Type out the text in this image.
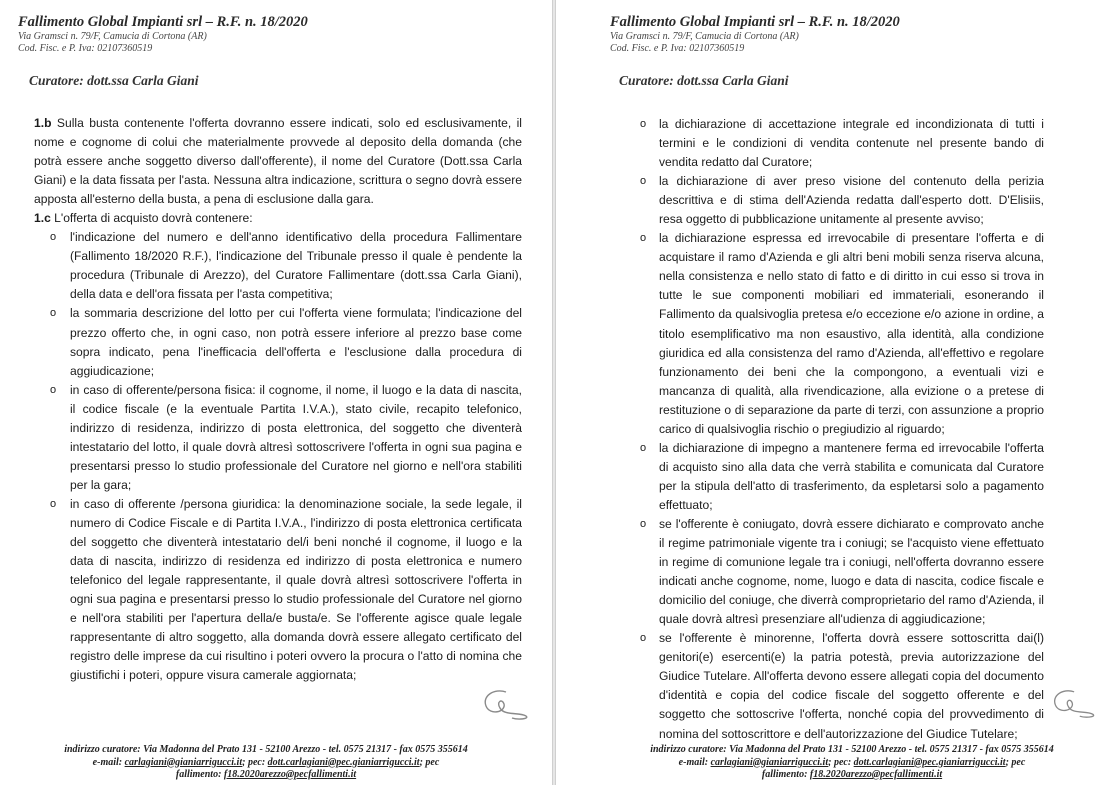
Fallimento Global Impianti srl – R.F. n. 18/2020
Via Gramsci n. 79/F, Camucia di Cortona (AR)
Cod. Fisc. e P. Iva: 02107360519
Curatore: dott.ssa Carla Giani

1.b Sulla busta contenente l'offerta dovranno essere indicati, solo ed esclusivamente, il nome e cognome di colui che materialmente provvede al deposito della domanda (che potrà essere anche soggetto diverso dall'offerente), il nome del Curatore (Dott.ssa Carla Giani) e la data fissata per l'asta. Nessuna altra indicazione, scrittura o segno dovrà essere apposta all'esterno della busta, a pena di esclusione dalla gara.

1.c L'offerta di acquisto dovrà contenere:

o l'indicazione del numero e dell'anno identificativo della procedura Fallimentare (Fallimento 18/2020 R.F.), l'indicazione del Tribunale presso il quale è pendente la procedura (Tribunale di Arezzo), del Curatore Fallimentare (dott.ssa Carla Giani), della data e dell'ora fissata per l'asta competitiva;
o la sommaria descrizione del lotto per cui l'offerta viene formulata; l'indicazione del prezzo offerto che, in ogni caso, non potrà essere inferiore al prezzo base come sopra indicato, pena l'inefficacia dell'offerta e l'esclusione dalla procedura di aggiudicazione;
o in caso di offerente/persona fisica: il cognome, il nome, il luogo e la data di nascita, il codice fiscale (e la eventuale Partita I.V.A.), stato civile, recapito telefonico, indirizzo di residenza, indirizzo di posta elettronica, del soggetto che diventerà intestatario del lotto, il quale dovrà altresì sottoscrivere l'offerta in ogni sua pagina e presentarsi presso lo studio professionale del Curatore nel giorno e nell'ora stabiliti per la gara;
o in caso di offerente /persona giuridica: la denominazione sociale, la sede legale, il numero di Codice Fiscale e di Partita I.V.A., l'indirizzo di posta elettronica certificata del soggetto che diventerà intestatario del/i beni nonché il cognome, il luogo e la data di nascita, indirizzo di residenza ed indirizzo di posta elettronica e numero telefonico del legale rappresentante, il quale dovrà altresì sottoscrivere l'offerta in ogni sua pagina e presentarsi presso lo studio professionale del Curatore nel giorno e nell'ora stabiliti per l'apertura della/e busta/e. Se l'offerente agisce quale legale rappresentante di altro soggetto, alla domanda dovrà essere allegato certificato del registro delle imprese da cui risultino i poteri ovvero la procura o l'atto di nomina che giustifichi i poteri, oppure visura camerale aggiornata;
indirizzo curatore: Via Madonna del Prato 131 - 52100 Arezzo - tel. 0575 21317 - fax 0575 355614
e-mail: carlagiani@gianiarrigucci.it; pec: dott.carlagiani@pec.gianiarrigucci.it; pec
fallimento: f18.2020arezzo@pecfallimenti.it
Fallimento Global Impianti srl – R.F. n. 18/2020
Via Gramsci n. 79/F, Camucia di Cortona (AR)
Cod. Fisc. e P. Iva: 02107360519
Curatore: dott.ssa Carla Giani
o la dichiarazione di accettazione integrale ed incondizionata di tutti i termini e le condizioni di vendita contenute nel presente bando di vendita redatto dal Curatore;
o la dichiarazione di aver preso visione del contenuto della perizia descrittiva e di stima dell'Azienda redatta dall'esperto dott. D'Elisiis, resa oggetto di pubblicazione unitamente al presente avviso;
o la dichiarazione espressa ed irrevocabile di presentare l'offerta e di acquistare il ramo d'Azienda e gli altri beni mobili senza riserva alcuna, nella consistenza e nello stato di fatto e di diritto in cui esso si trova in tutte le sue componenti mobiliari ed immateriali, esonerando il Fallimento da qualsivoglia pretesa e/o eccezione e/o azione in ordine, a titolo esemplificativo ma non esaustivo, alla identità, alla condizione giuridica ed alla consistenza del ramo d'Azienda, all'effettivo e regolare funzionamento dei beni che la compongono, a eventuali vizi e mancanza di qualità, alla rivendicazione, alla evizione o a pretese di restituzione o di separazione da parte di terzi, con assunzione a proprio carico di qualsivoglia rischio o pregiudizio al riguardo;
o la dichiarazione di impegno a mantenere ferma ed irrevocabile l'offerta di acquisto sino alla data che verrà stabilita e comunicata dal Curatore per la stipula dell'atto di trasferimento, da espletarsi solo a pagamento effettuato;
o se l'offerente è coniugato, dovrà essere dichiarato e comprovato anche il regime patrimoniale vigente tra i coniugi; se l'acquisto viene effettuato in regime di comunione legale tra i coniugi, nell'offerta dovranno essere indicati anche cognome, nome, luogo e data di nascita, codice fiscale e domicilio del coniuge, che diverrà comproprietario del ramo d'Azienda, il quale dovrà altresì presenziare all'udienza di aggiudicazione;
o se l'offerente è minorenne, l'offerta dovrà essere sottoscritta dai(l) genitori(e) esercenti(e) la patria potestà, previa autorizzazione del Giudice Tutelare. All'offerta devono essere allegati copia del documento d'identità e copia del codice fiscale del soggetto offerente e del soggetto che sottoscrive l'offerta, nonché copia del provvedimento di nomina del sottoscrittore e dell'autorizzazione del Giudice Tutelare;
indirizzo curatore: Via Madonna del Prato 131 - 52100 Arezzo - tel. 0575 21317 - fax 0575 355614
e-mail: carlagiani@gianiarrigucci.it; pec: dott.carlagiani@pec.gianiarrigucci.it; pec
fallimento: f18.2020arezzo@pecfallimenti.it
